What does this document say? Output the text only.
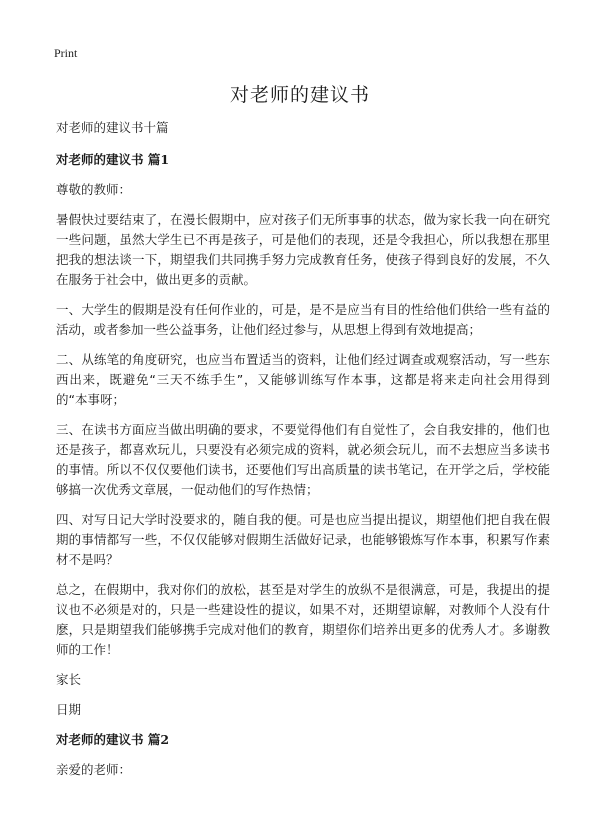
Print
对老师的建议书

对老师的建议书十篇

对老师的建议书 篇1

尊敬的教师：

暑假快过要结束了，在漫长假期中，应对孩子们无所事事的状态，做为家长我一向在研究一些问题，虽然大学生已不再是孩子，可是他们的表现，还是令我担心，所以我想在那里把我的想法谈一下，期望我们共同携手努力完成教育任务，使孩子得到良好的发展，不久在服务于社会中，做出更多的贡献。

一、大学生的假期是没有任何作业的，可是，是不是应当有目的性给他们供给一些有益的活动，或者参加一些公益事务，让他们经过参与，从思想上得到有效地提高；

二、从练笔的角度研究，也应当布置适当的资料，让他们经过调查或观察活动，写一些东西出来，既避免“三天不练手生”，又能够训练写作本事，这都是将来走向社会用得到的“本事呀；

三、在读书方面应当做出明确的要求，不要觉得他们有自觉性了，会自我安排的，他们也还是孩子，都喜欢玩儿，只要没有必须完成的资料，就必须会玩儿，而不去想应当多读书的事情。所以不仅仅要他们读书，还要他们写出高质量的读书笔记，在开学之后，学校能够搞一次优秀文章展，一促动他们的写作热情；

四、对写日记大学时没要求的，随自我的便。可是也应当提出提议，期望他们把自我在假期的事情都写一些，不仅仅能够对假期生活做好记录，也能够锻炼写作本事，积累写作素材不是吗？

总之，在假期中，我对你们的放松，甚至是对学生的放纵不是很满意，可是，我提出的提议也不必须是对的，只是一些建设性的提议，如果不对，还期望谅解，对教师个人没有什麽，只是期望我们能够携手完成对他们的教育，期望你们培养出更多的优秀人才。多谢教师的工作！

家长

日期

对老师的建议书 篇2

亲爱的老师：
